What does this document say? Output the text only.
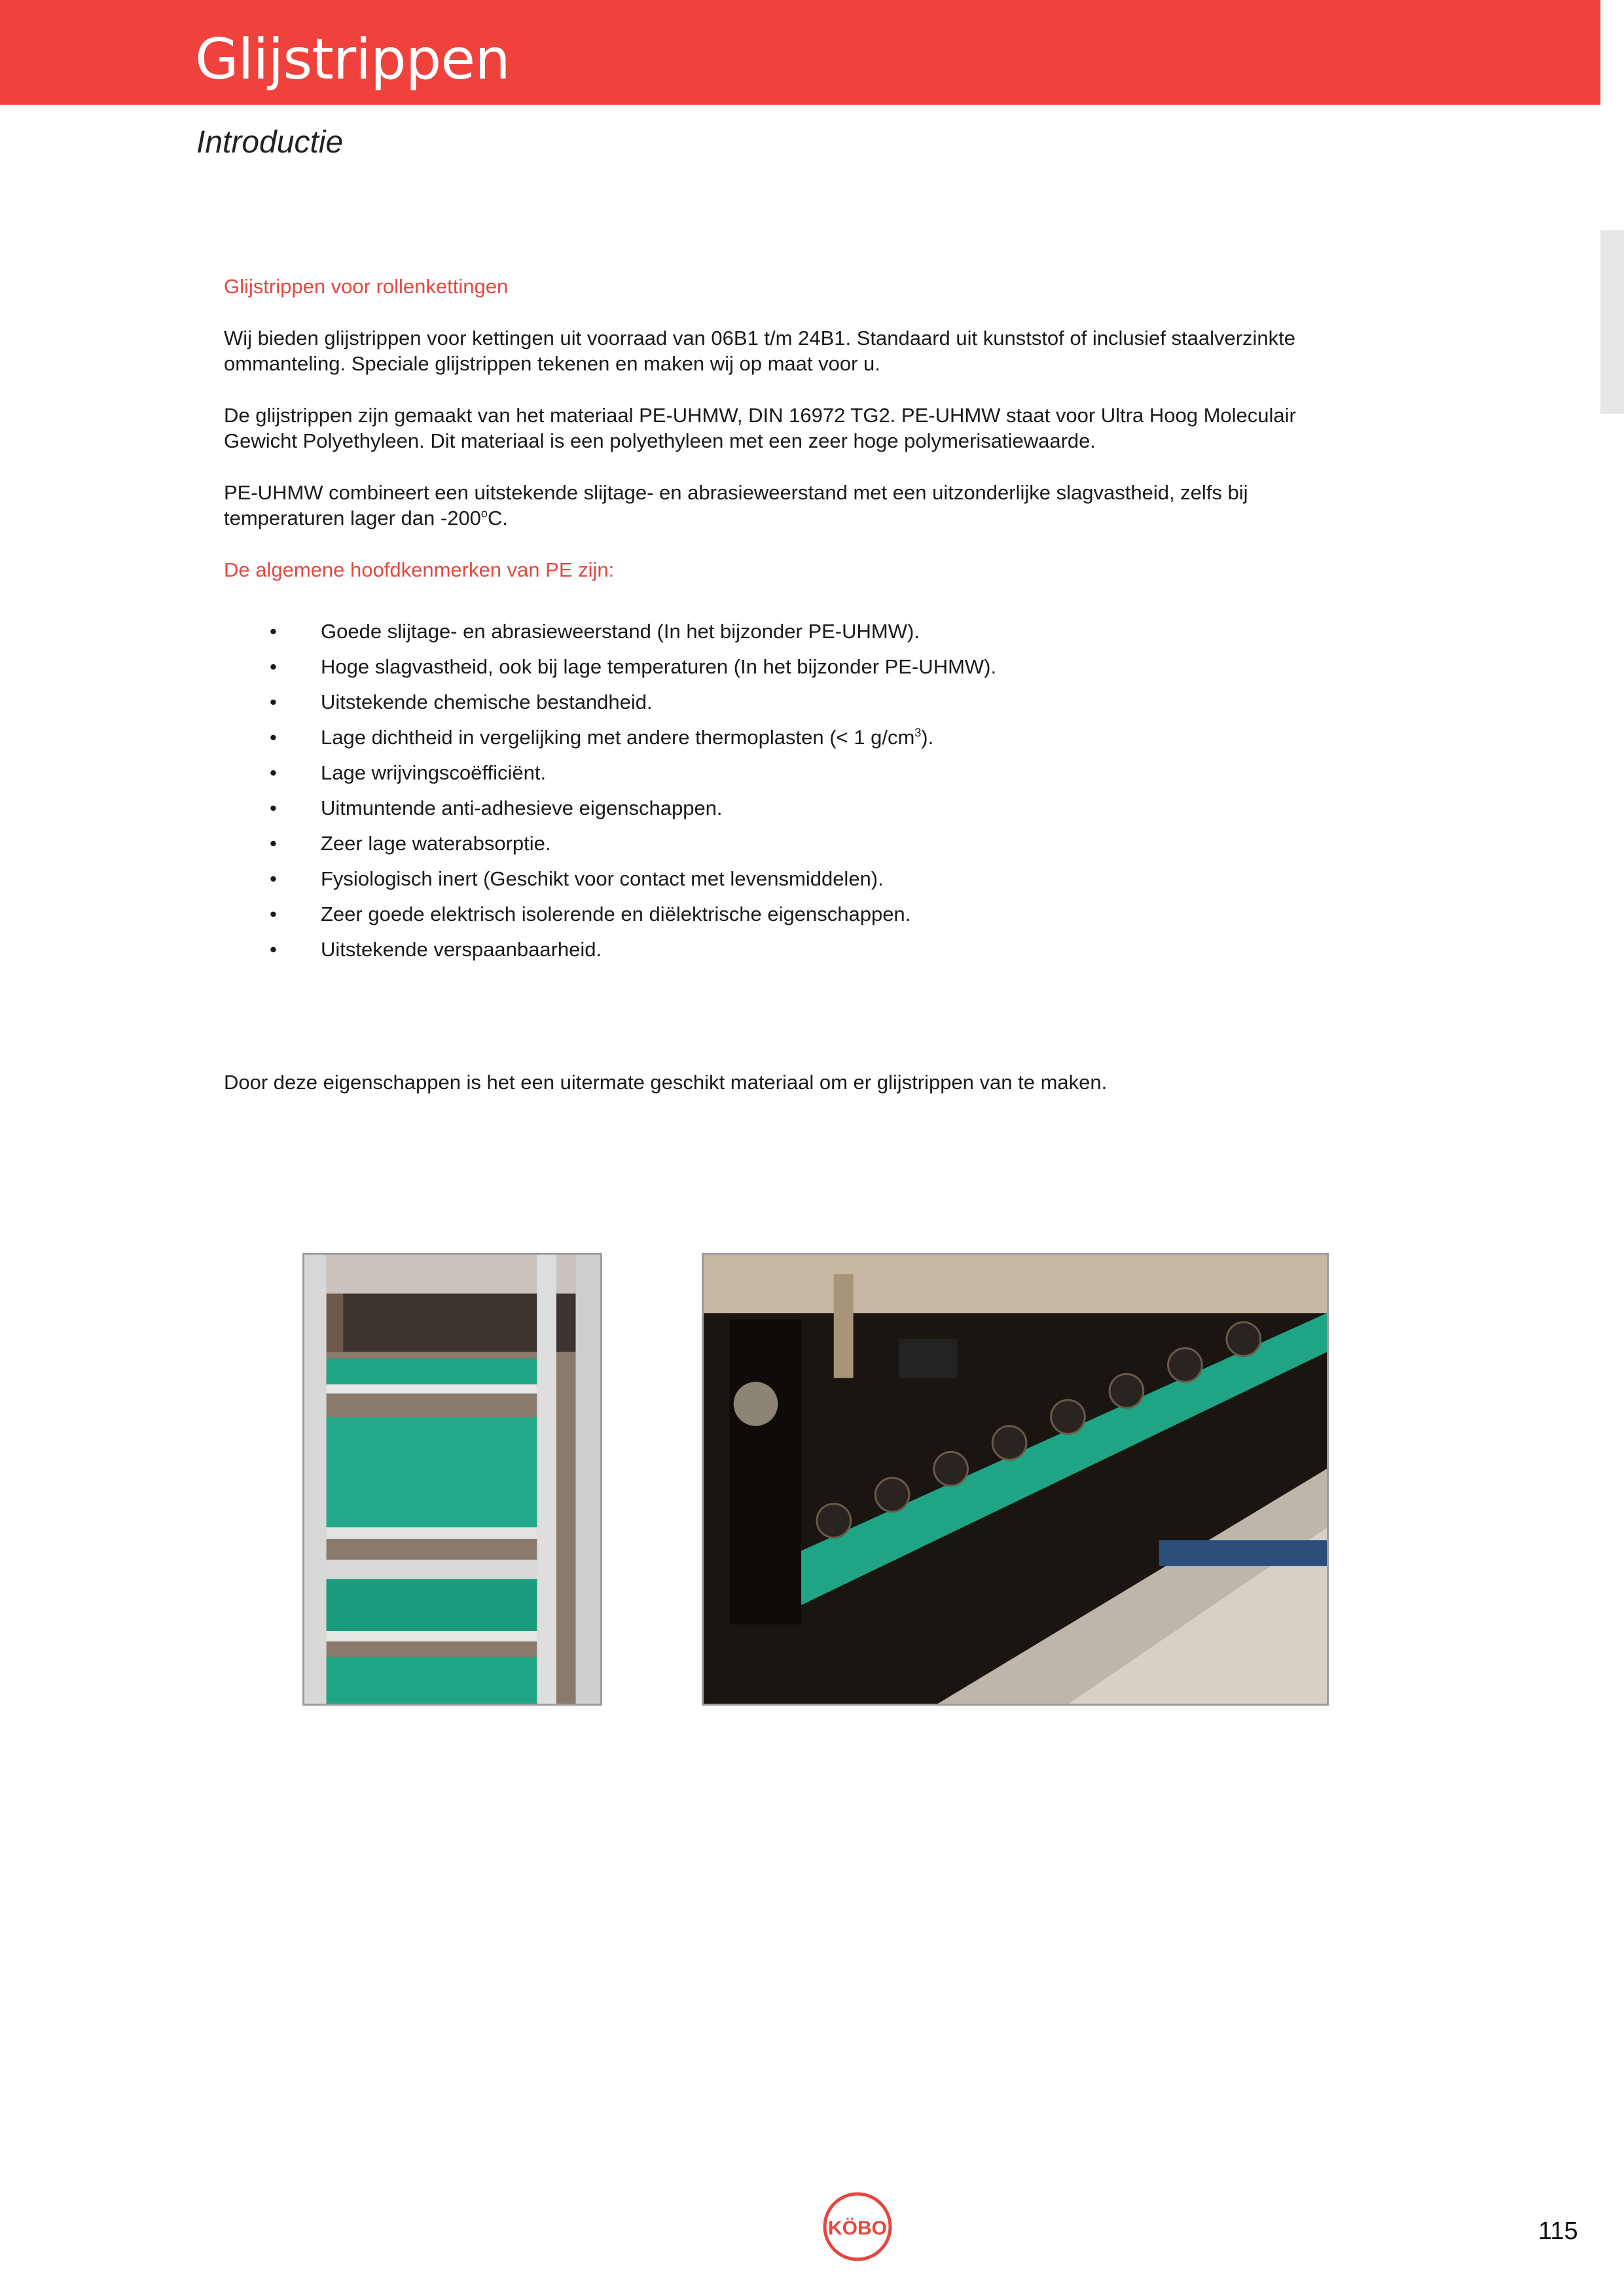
Glijstrippen
Introductie

Glijstrippen voor rollenkettingen

Wij bieden glijstrippen voor kettingen uit voorraad van 06B1 t/m 24B1. Standaard uit kunststof of inclusief staalverzinkte
ommanteling. Speciale glijstrippen tekenen en maken wij op maat voor u.

De glijstrippen zijn gemaakt van het materiaal PE-UHMW, DIN 16972 TG2. PE-UHMW staat voor Ultra Hoog Moleculair
Gewicht Polyethyleen. Dit materiaal is een polyethyleen met een zeer hoge polymerisatiewaarde.

PE-UHMW combineert een uitstekende slijtage- en abrasieweerstand met een uitzonderlijke slagvastheid, zelfs bij
temperaturen lager dan -200$^o$C.

De algemene hoofdkenmerken van PE zijn:

• Goede slijtage- en abrasieweerstand (In het bijzonder PE-UHMW).
• Hoge slagvastheid, ook bij lage temperaturen (In het bijzonder PE-UHMW).
• Uitstekende chemische bestandheid.
• Lage dichtheid in vergelijking met andere thermoplasten (< 1 $g/cm^3$).
• Lage wrijvingscoëfficiënt.
• Uitmuntende anti-adhesieve eigenschappen.
• Zeer lage waterabsorptie.
• Fysiologisch inert (Geschikt voor contact met levensmiddelen).
• Zeer goede elektrisch isolerende en diëlektrische eigenschappen.
• Uitstekende verspaanbaarheid.

Door deze eigenschappen is het een uitermate geschikt materiaal om er glijstrippen van te maken.

KÖBO	115
